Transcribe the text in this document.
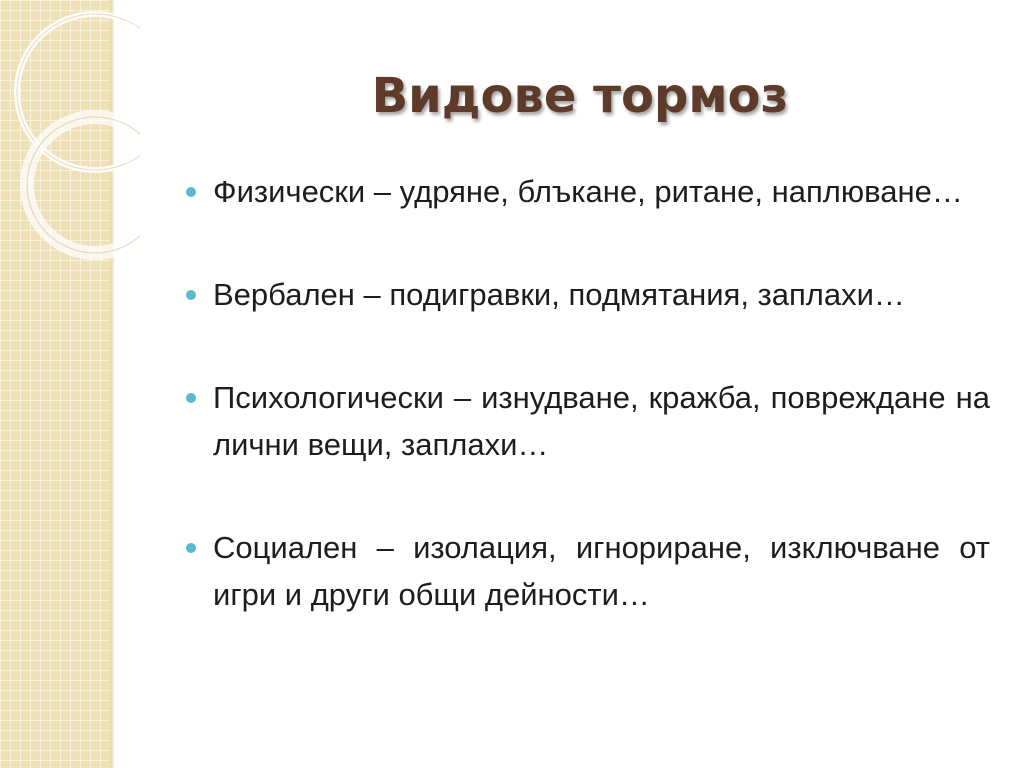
Видове тормоз
Физически – удряне, блъкане, ритане, наплюване…
Вербален – подигравки, подмятания, заплахи…
Психологически – изнудване, кражба, повреждане на лични вещи, заплахи…
Социален – изолация, игнориране, изключване от игри и други общи дейности…
